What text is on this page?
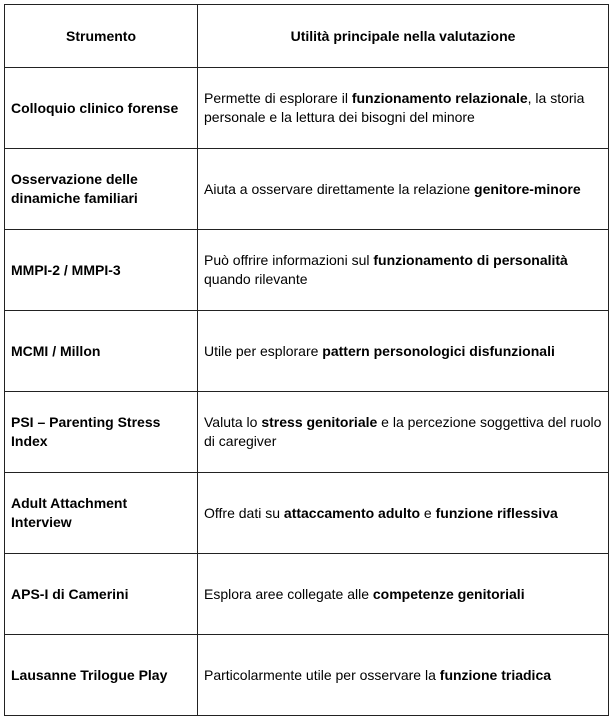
Strumento	Utilità principale nella valutazione
Colloquio clinico forense	Permette di esplorare il funzionamento relazionale, la storia personale e la lettura dei bisogni del minore
Osservazione delle dinamiche familiari	Aiuta a osservare direttamente la relazione genitore-minore
MMPI-2 / MMPI-3	Può offrire informazioni sul funzionamento di personalità quando rilevante
MCMI / Millon	Utile per esplorare pattern personologici disfunzionali
PSI – Parenting Stress Index	Valuta lo stress genitoriale e la percezione soggettiva del ruolo di caregiver
Adult Attachment Interview	Offre dati su attaccamento adulto e funzione riflessiva
APS-I di Camerini	Esplora aree collegate alle competenze genitoriali
Lausanne Trilogue Play	Particolarmente utile per osservare la funzione triadica
